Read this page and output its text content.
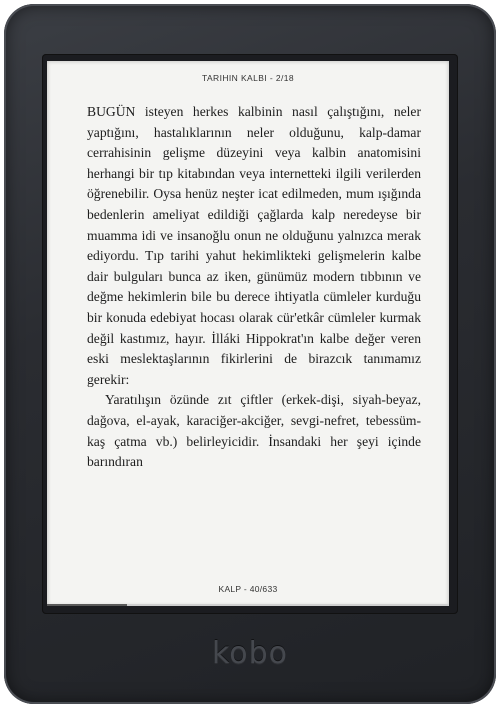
TARIHIN KALBI - 2/18

BUGÜN isteyen herkes kalbinin nasıl çalıştığını, neler yaptığını, hastalıklarının neler olduğunu, kalp-damar cerrahisinin gelişme düzeyini veya kalbin anatomisini herhangi bir tıp kitabından veya internetteki ilgili verilerden öğrenebilir. Oysa henüz neşter icat edilmeden, mum ışığında bedenlerin ameliyat edildiği çağlarda kalp neredeyse bir muamma idi ve insanoğlu onun ne olduğunu yalnızca merak ediyordu. Tıp tarihi yahut hekimlikteki gelişmelerin kalbe dair bulguları bunca az iken, günümüz modern tıbbının ve değme hekimlerin bile bu derece ihtiyatla cümleler kurduğu bir konuda edebiyat hocası olarak cür'etkâr cümleler kurmak değil kastımız, hayır. İlláki Hippokrat'ın kalbe değer veren eski meslektaşlarının fikirlerini de birazcık tanımamız gerekir:

Yaratılışın özünde zıt çiftler (erkek-dişi, siyah-beyaz, dağova, el-ayak, karaciğer-akciğer, sevgi-nefret, tebessüm-kaş çatma vb.) belirleyicidir. İnsandaki her şeyi içinde barındıran

KALP - 40/633
kobo
